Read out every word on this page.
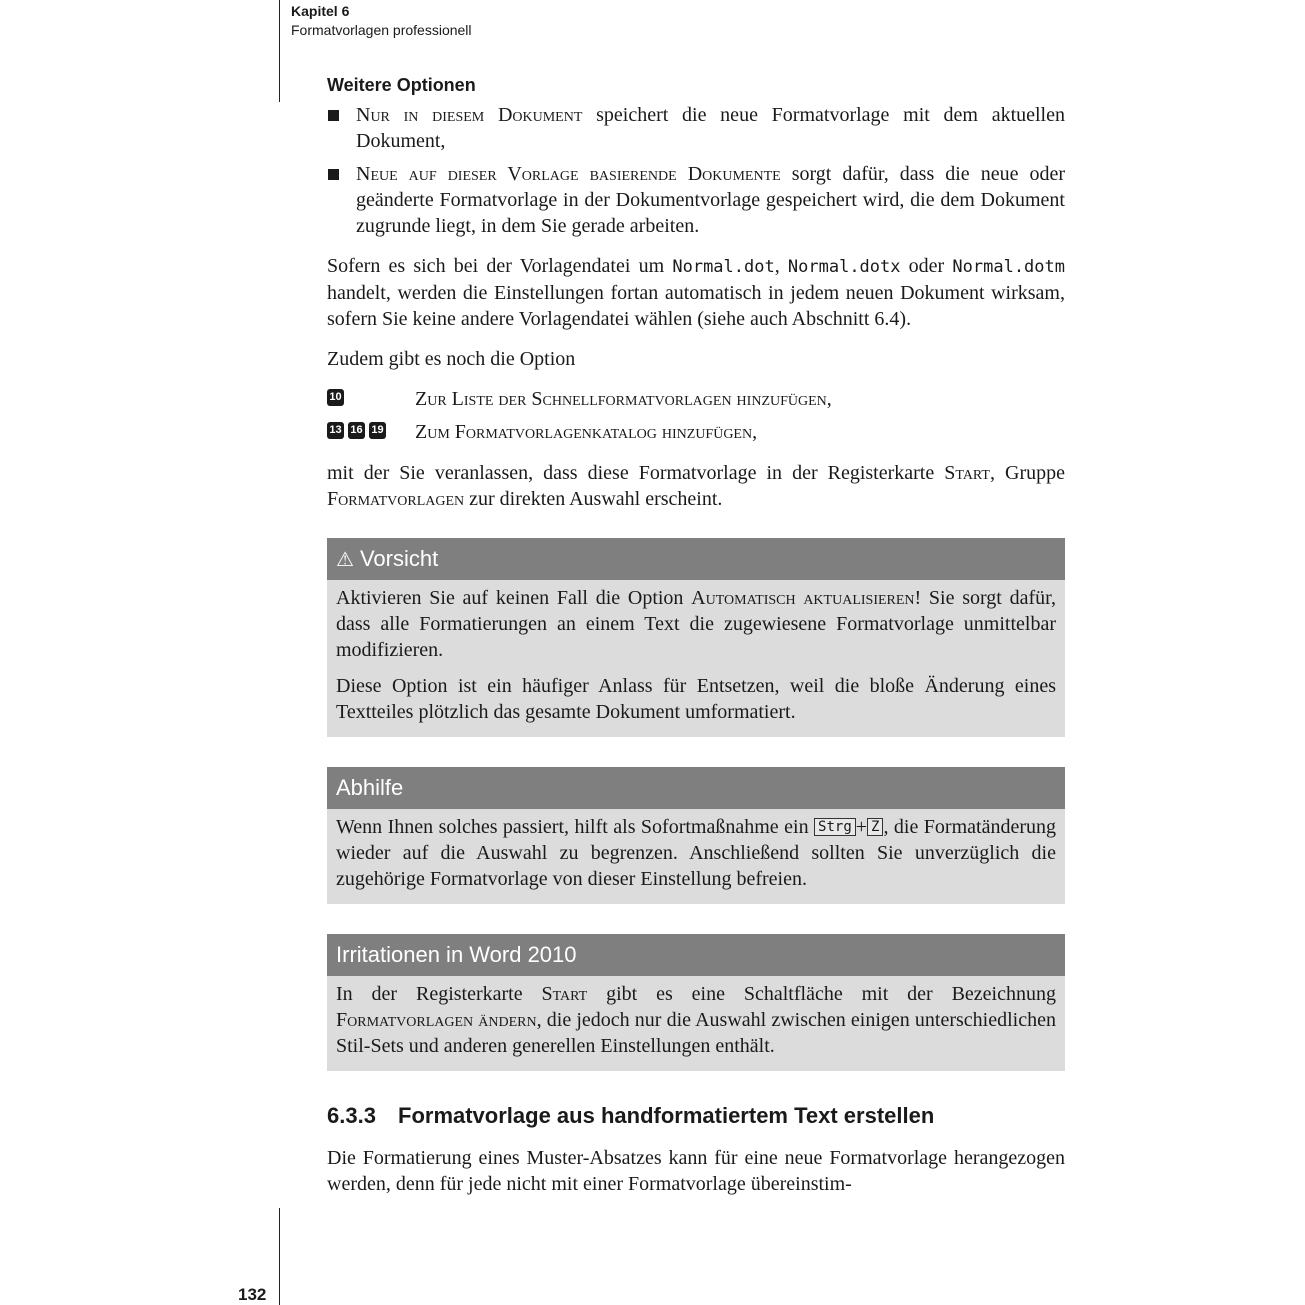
Kapitel 6
Formatvorlagen professionell
132
Weitere Optionen
Nur in diesem Dokument speichert die neue Formatvorlage mit dem aktuellen Dokument,
Neue auf dieser Vorlage basierende Dokumente sorgt dafür, dass die neue oder geänderte Formatvorlage in der Dokumentvorlage gespeichert wird, die dem Dokument zugrunde liegt, in dem Sie gerade arbeiten.

Sofern es sich bei der Vorlagendatei um Normal.dot, Normal.dotx oder Normal.dotm handelt, werden die Einstellungen fortan automatisch in jedem neuen Dokument wirksam, sofern Sie keine andere Vorlagendatei wählen (siehe auch Abschnitt 6.4).

Zudem gibt es noch die Option

10	Zur Liste der Schnellformatvorlagen hinzufügen,
13 16 19 Zum Formatvorlagenkatalog hinzufügen,

mit der Sie veranlassen, dass diese Formatvorlage in der Registerkarte Start, Gruppe Formatvorlagen zur direkten Auswahl erscheint.

⚠ Vorsicht

Aktivieren Sie auf keinen Fall die Option Automatisch aktualisieren! Sie sorgt dafür, dass alle Formatierungen an einem Text die zugewiesene Formatvorlage unmittelbar modifizieren.

Diese Option ist ein häufiger Anlass für Entsetzen, weil die bloße Änderung eines Textteiles plötzlich das gesamte Dokument umformatiert.

Abhilfe

Wenn Ihnen solches passiert, hilft als Sofortmaßnahme ein Strg + Z , die Formatänderung wieder auf die Auswahl zu begrenzen. Anschließend sollten Sie unverzüglich die zugehörige Formatvorlage von dieser Einstellung befreien.

Irritationen in Word 2010

In der Registerkarte Start gibt es eine Schaltfläche mit der Bezeichnung Formatvorlagen ändern, die jedoch nur die Auswahl zwischen einigen unterschiedlichen Stil-Sets und anderen generellen Einstellungen enthält.

6.3.3 Formatvorlage aus handformatiertem Text erstellen

Die Formatierung eines Muster-Absatzes kann für eine neue Formatvorlage herangezogen werden, denn für jede nicht mit einer Formatvorlage übereinstim-
